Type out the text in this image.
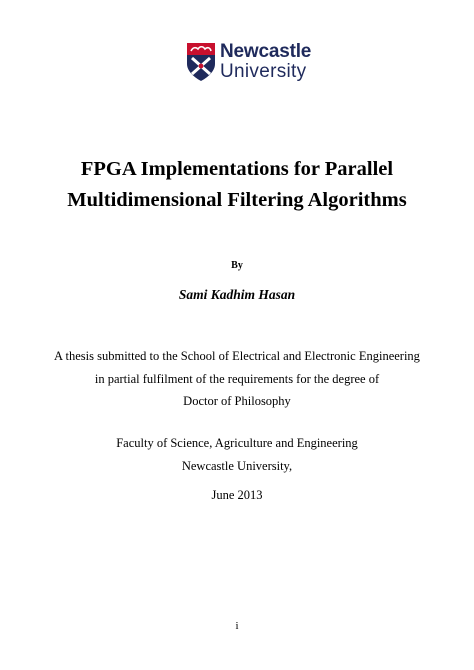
Newcastle
University
FPGA Implementations for Parallel
Multidimensional Filtering Algorithms
By
Sami Kadhim Hasan
A thesis submitted to the School of Electrical and Electronic Engineering
in partial fulfilment of the requirements for the degree of
Doctor of Philosophy
Faculty of Science, Agriculture and Engineering
Newcastle University,
June 2013
i
